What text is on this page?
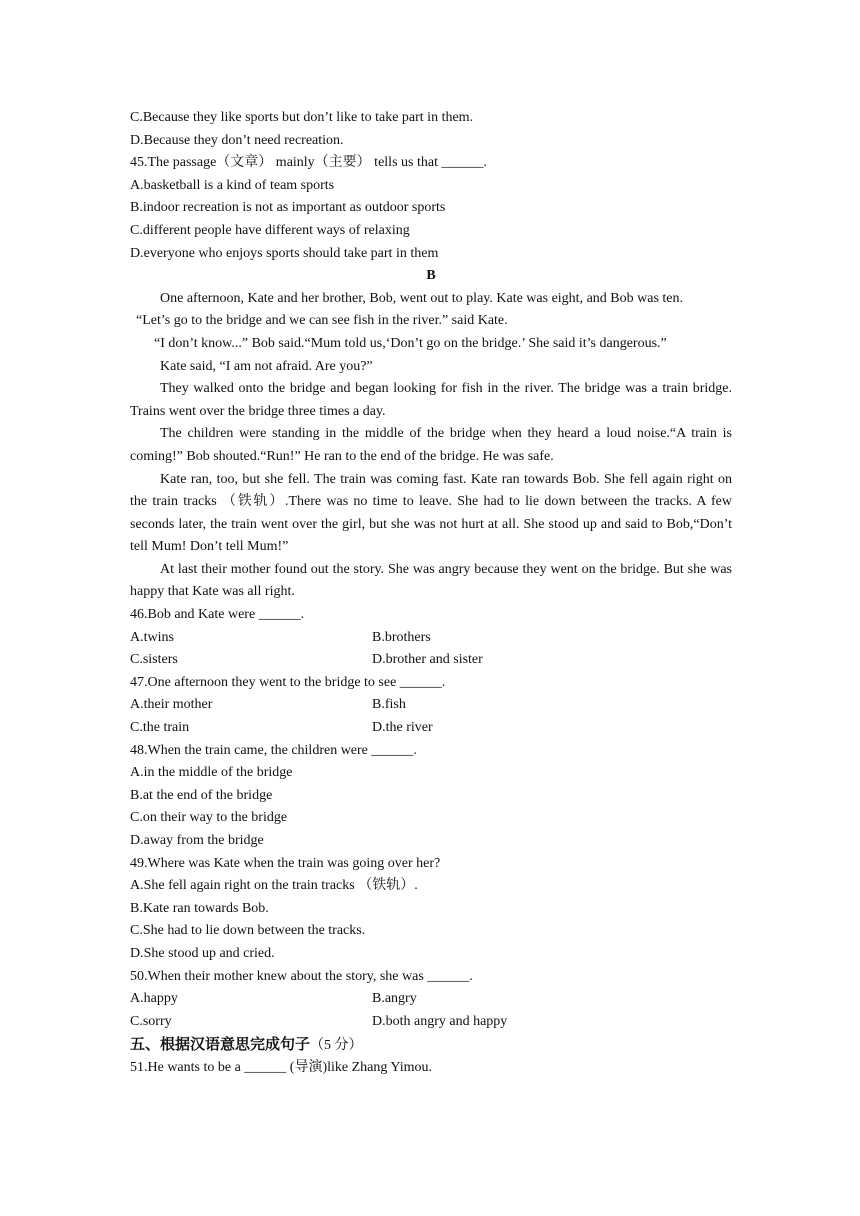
C.Because they like sports but don’t like to take part in them.

D.Because they don’t need recreation.

45.The passage（文章） mainly（主要） tells us that ______.

A.basketball is a kind of team sports

B.indoor recreation is not as important as outdoor sports

C.different people have different ways of relaxing

D.everyone who enjoys sports should take part in them

B

One afternoon, Kate and her brother, Bob, went out to play. Kate was eight, and Bob was ten.

“Let’s go to the bridge and we can see fish in the river.” said Kate.

“I don’t know...” Bob said.“Mum told us,‘Don’t go on the bridge.’ She said it’s dangerous.”

Kate said, “I am not afraid. Are you?”

They walked onto the bridge and began looking for fish in the river. The bridge was a train bridge. Trains went over the bridge three times a day.

The children were standing in the middle of the bridge when they heard a loud noise.“A train is coming!” Bob shouted.“Run!” He ran to the end of the bridge. He was safe.

Kate ran, too, but she fell. The train was coming fast. Kate ran towards Bob. She fell again right on the train tracks （铁轨）.There was no time to leave. She had to lie down between the tracks. A few seconds later, the train went over the girl, but she was not hurt at all. She stood up and said to Bob,“Don’t tell Mum! Don’t tell Mum!”

At last their mother found out the story. She was angry because they went on the bridge. But she was happy that Kate was all right.

46.Bob and Kate were ______.

A.twins	B.brothers
C.sisters	D.brother and sister

47.One afternoon they went to the bridge to see ______.

A.their mother	B.fish
C.the train	D.the river

48.When the train came, the children were ______.

A.in the middle of the bridge

B.at the end of the bridge

C.on their way to the bridge

D.away from the bridge

49.Where was Kate when the train was going over her?

A.She fell again right on the train tracks （铁轨）.

B.Kate ran towards Bob.

C.She had to lie down between the tracks.

D.She stood up and cried.

50.When their mother knew about the story, she was ______.

A.happy	B.angry
C.sorry	D.both angry and happy
五、根据汉语意思完成句子（5 分）

51.He wants to be a ______ (导演)like Zhang Yimou.
